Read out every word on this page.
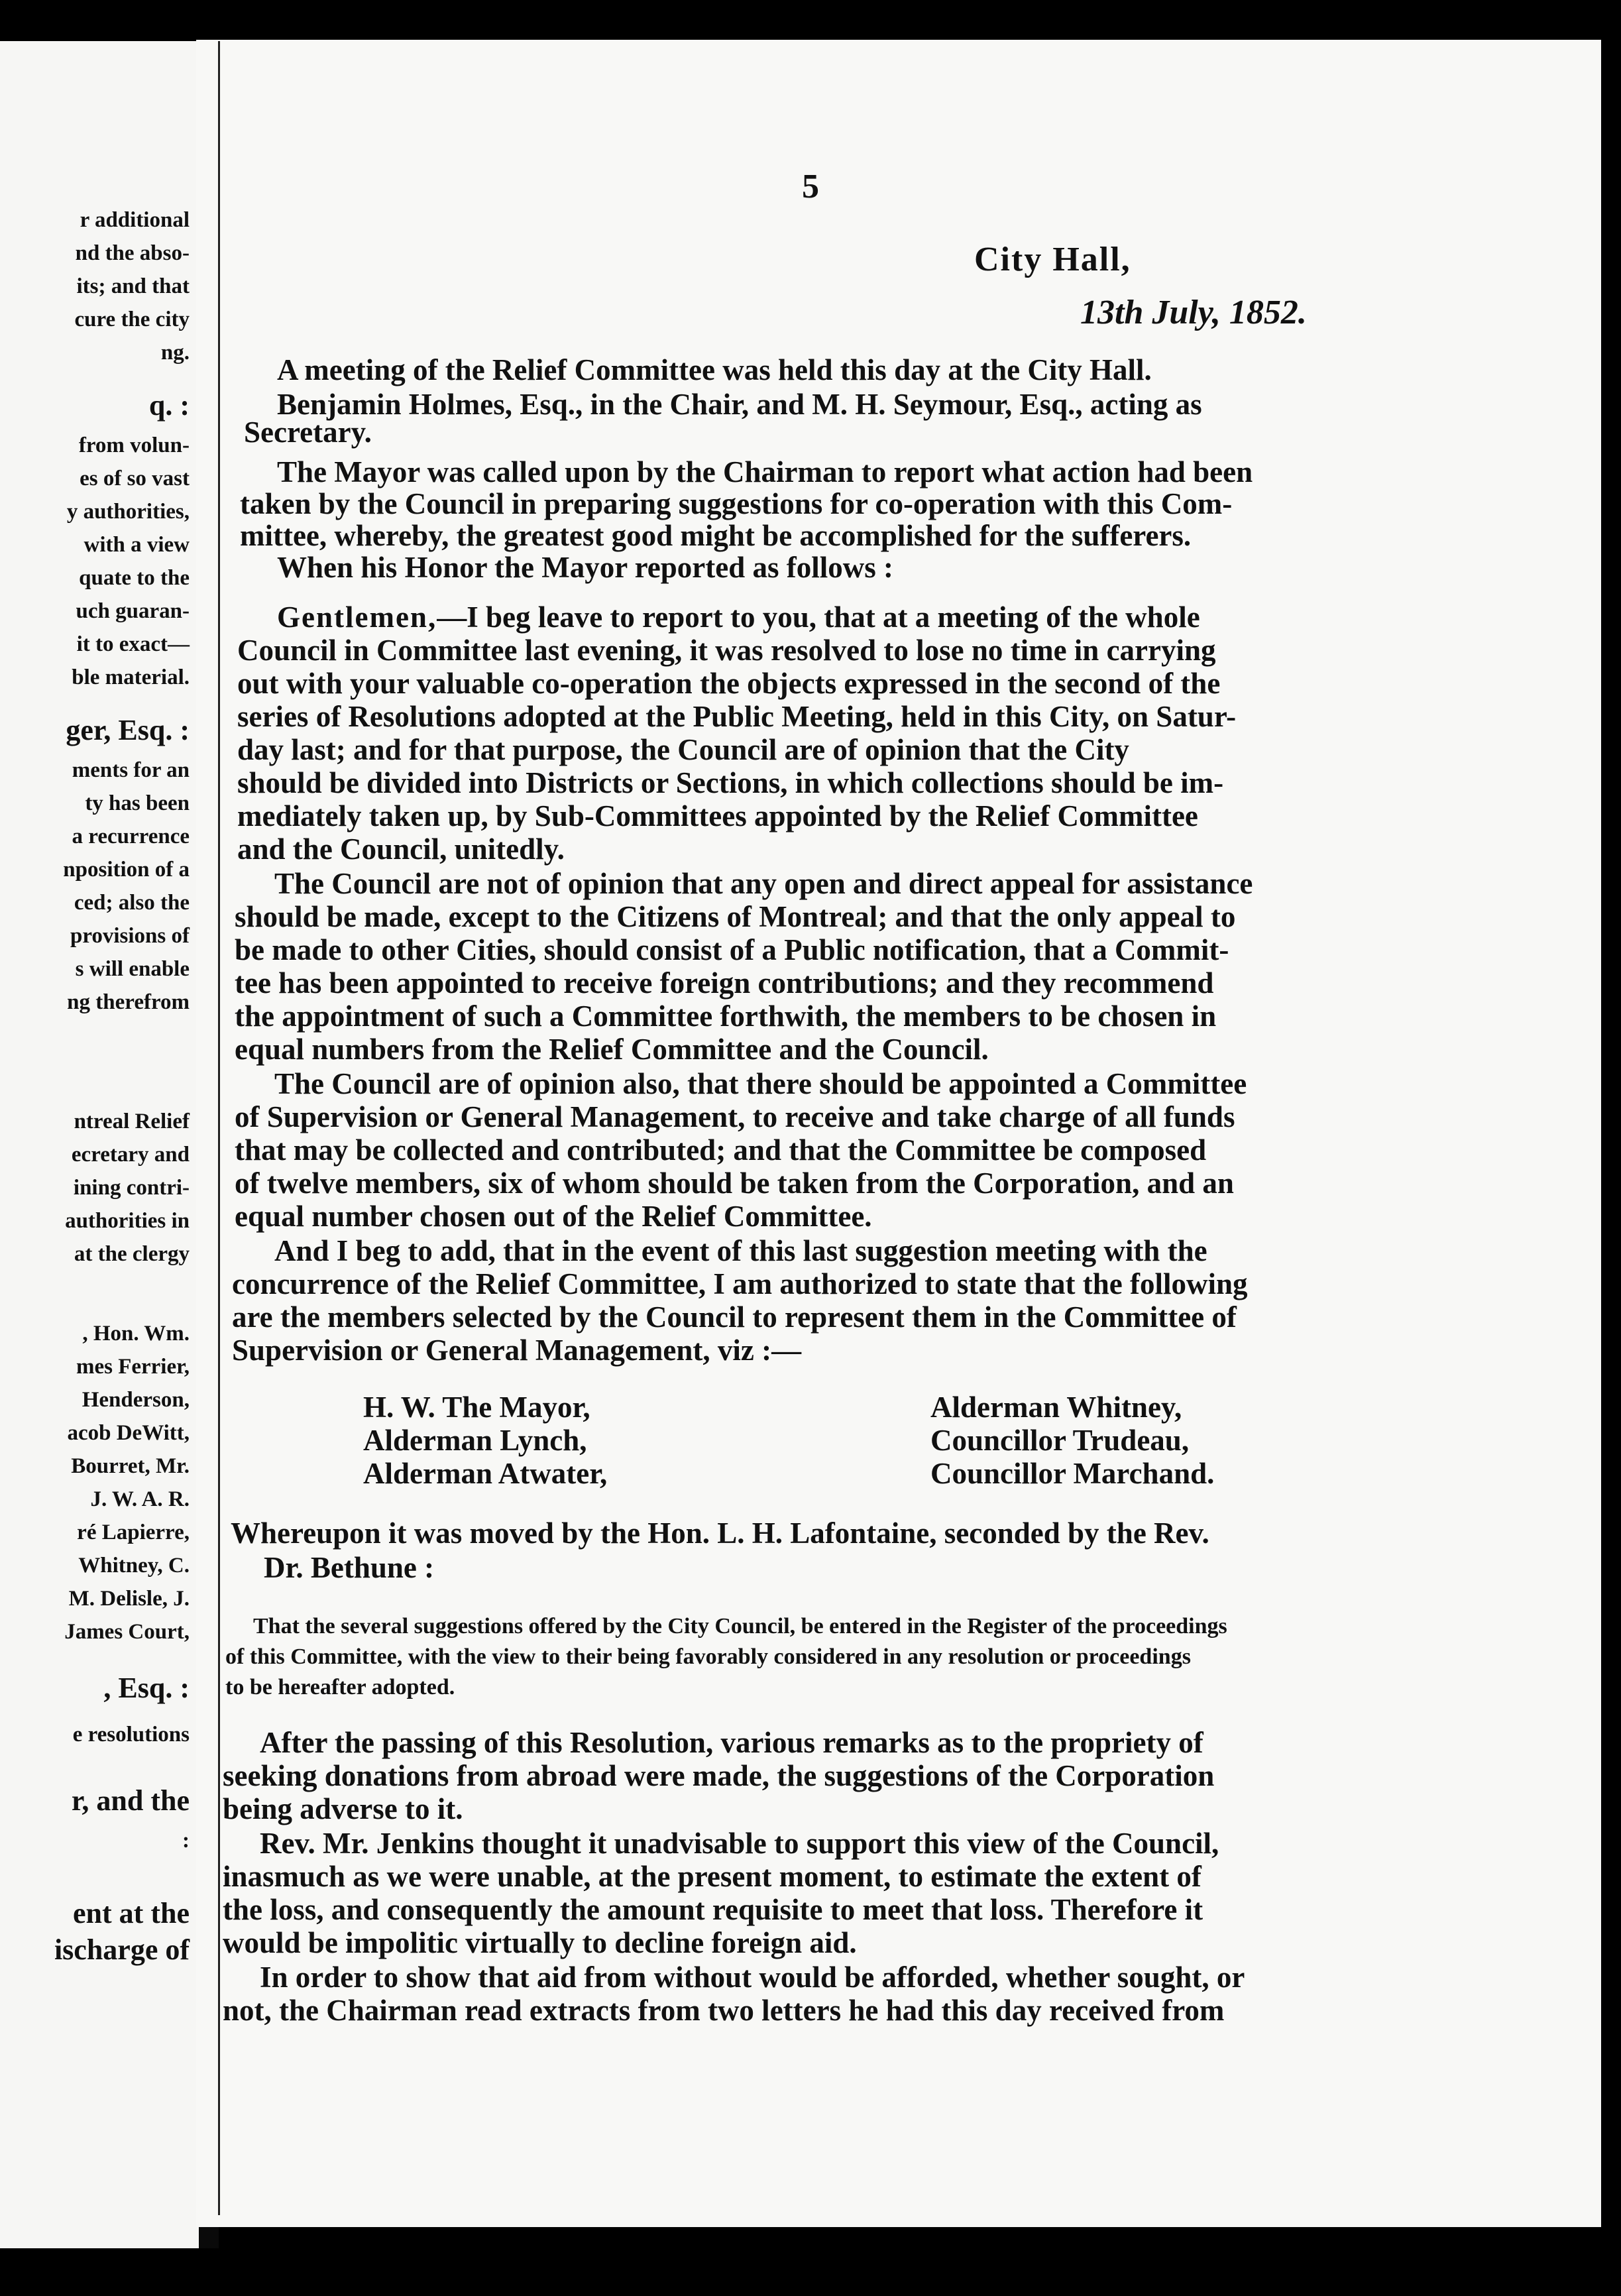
r additional
nd the abso-
its; and that
cure the city
ng.
q. :
from volun-
es of so vast
y authorities,
with a view
quate to the
uch guaran-
it to exact—
ble material.
ger, Esq. :
ments for an
ty has been
a recurrence
nposition of a
ced; also the
provisions of
s will enable
ng therefrom
ntreal Relief
ecretary and
ining contri-
authorities in
at the clergy
, Hon. Wm.
mes Ferrier,
Henderson,
acob DeWitt,
Bourret, Mr.
J. W. A. R.
ré Lapierre,
Whitney, C.
M. Delisle, J.
James Court,
, Esq. :
e resolutions
r, and the
:
ent at the
ischarge of
5
City Hall,
13th July, 1852.
A meeting of the Relief Committee was held this day at the City Hall.
Benjamin Holmes, Esq., in the Chair, and M. H. Seymour, Esq., acting as
Secretary.
The Mayor was called upon by the Chairman to report what action had been
taken by the Council in preparing suggestions for co-operation with this Com-
mittee, whereby, the greatest good might be accomplished for the sufferers.
When his Honor the Mayor reported as follows :
Gentlemen,—I beg leave to report to you, that at a meeting of the whole
Council in Committee last evening, it was resolved to lose no time in carrying
out with your valuable co-operation the objects expressed in the second of the
series of Resolutions adopted at the Public Meeting, held in this City, on Satur-
day last; and for that purpose, the Council are of opinion that the City
should be divided into Districts or Sections, in which collections should be im-
mediately taken up, by Sub-Committees appointed by the Relief Committee
and the Council, unitedly.
The Council are not of opinion that any open and direct appeal for assistance
should be made, except to the Citizens of Montreal; and that the only appeal to
be made to other Cities, should consist of a Public notification, that a Commit-
tee has been appointed to receive foreign contributions; and they recommend
the appointment of such a Committee forthwith, the members to be chosen in
equal numbers from the Relief Committee and the Council.
The Council are of opinion also, that there should be appointed a Committee
of Supervision or General Management, to receive and take charge of all funds
that may be collected and contributed; and that the Committee be composed
of twelve members, six of whom should be taken from the Corporation, and an
equal number chosen out of the Relief Committee.
And I beg to add, that in the event of this last suggestion meeting with the
concurrence of the Relief Committee, I am authorized to state that the following
are the members selected by the Council to represent them in the Committee of
Supervision or General Management, viz :—
H. W. The Mayor,
Alderman Lynch,
Alderman Atwater,
Alderman Whitney,
Councillor Trudeau,
Councillor Marchand.
Whereupon it was moved by the Hon. L. H. Lafontaine, seconded by the Rev.
Dr. Bethune :
That the several suggestions offered by the City Council, be entered in the Register of the proceedings
of this Committee, with the view to their being favorably considered in any resolution or proceedings
to be hereafter adopted.
After the passing of this Resolution, various remarks as to the propriety of
seeking donations from abroad were made, the suggestions of the Corporation
being adverse to it.
Rev. Mr. Jenkins thought it unadvisable to support this view of the Council,
inasmuch as we were unable, at the present moment, to estimate the extent of
the loss, and consequently the amount requisite to meet that loss. Therefore it
would be impolitic virtually to decline foreign aid.
In order to show that aid from without would be afforded, whether sought, or
not, the Chairman read extracts from two letters he had this day received from
